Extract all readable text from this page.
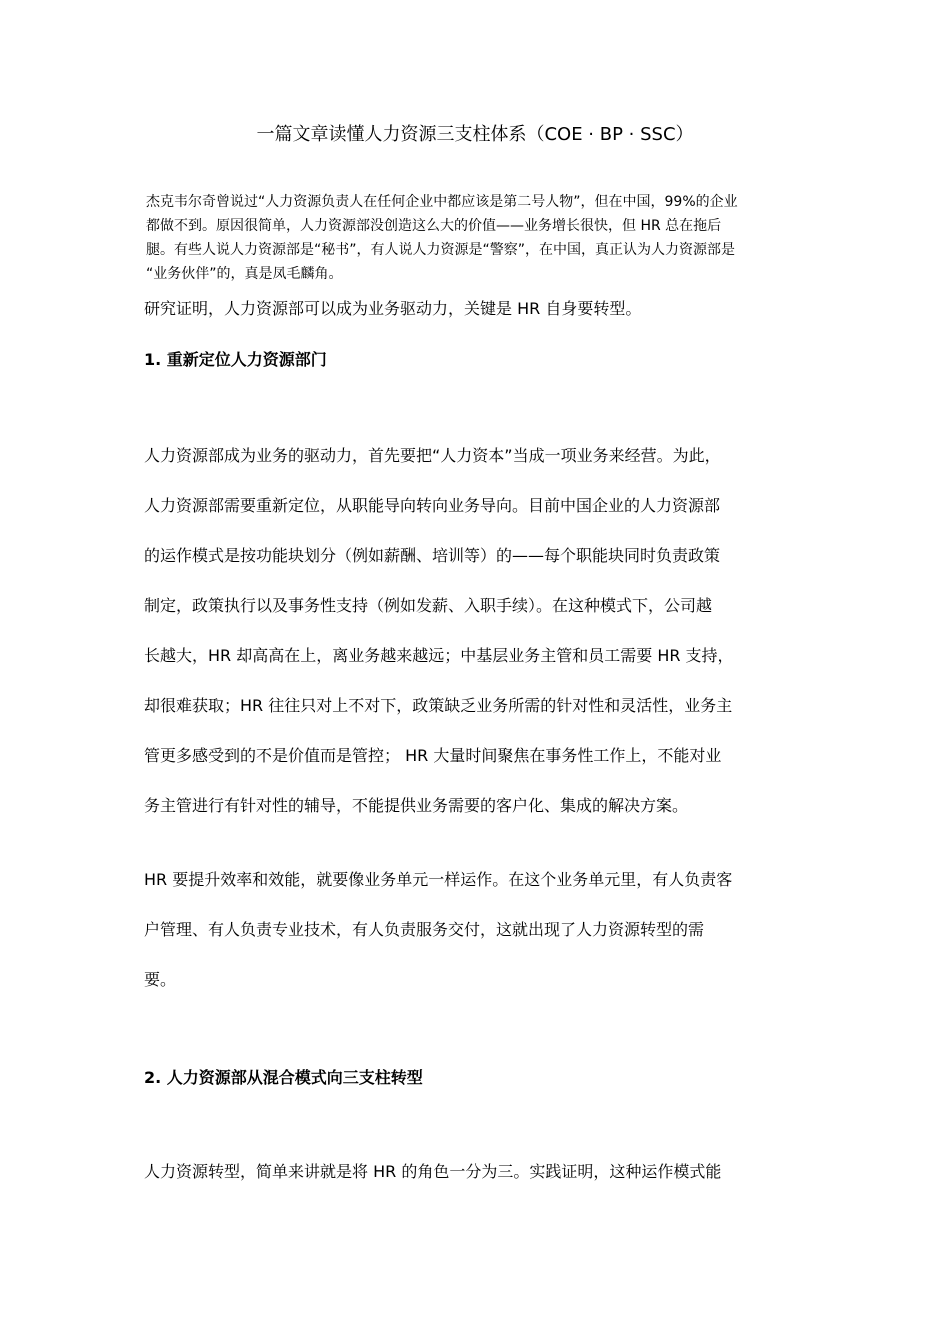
一篇文章读懂人力资源三支柱体系（COE · BP · SSC）
杰克韦尔奇曾说过“人力资源负责人在任何企业中都应该是第二号人物”，但在中国，99%的企业
都做不到。原因很简单，人力资源部没创造这么大的价值——业务增长很快，但 HR 总在拖后
腿。有些人说人力资源部是“秘书”，有人说人力资源是“警察”，在中国，真正认为人力资源部是
“业务伙伴”的，真是凤毛麟角。
研究证明，人力资源部可以成为业务驱动力，关键是 HR 自身要转型。
1. 重新定位人力资源部门
人力资源部成为业务的驱动力，首先要把“人力资本”当成一项业务来经营。为此，
人力资源部需要重新定位，从职能导向转向业务导向。目前中国企业的人力资源部
的运作模式是按功能块划分（例如薪酬、培训等）的——每个职能块同时负责政策
制定，政策执行以及事务性支持（例如发薪、入职手续）。在这种模式下，公司越
长越大，HR 却高高在上，离业务越来越远；中基层业务主管和员工需要 HR 支持，
却很难获取；HR 往往只对上不对下，政策缺乏业务所需的针对性和灵活性，业务主
管更多感受到的不是价值而是管控； HR 大量时间聚焦在事务性工作上，不能对业
务主管进行有针对性的辅导，不能提供业务需要的客户化、集成的解决方案。
HR 要提升效率和效能，就要像业务单元一样运作。在这个业务单元里，有人负责客
户管理、有人负责专业技术，有人负责服务交付，这就出现了人力资源转型的需
要。
2. 人力资源部从混合模式向三支柱转型
人力资源转型，简单来讲就是将 HR 的角色一分为三。实践证明，这种运作模式能
